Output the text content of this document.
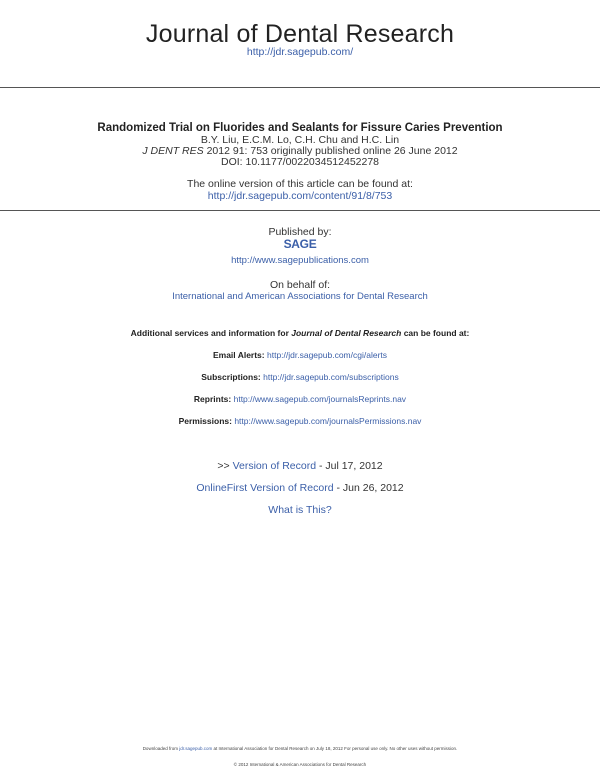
Journal of Dental Research
http://jdr.sagepub.com/
Randomized Trial on Fluorides and Sealants for Fissure Caries Prevention
B.Y. Liu, E.C.M. Lo, C.H. Chu and H.C. Lin
J DENT RES 2012 91: 753 originally published online 26 June 2012
DOI: 10.1177/0022034512452278
The online version of this article can be found at:
http://jdr.sagepub.com/content/91/8/753
Published by:
SAGE
http://www.sagepublications.com
On behalf of:
International and American Associations for Dental Research
Additional services and information for Journal of Dental Research can be found at:
Email Alerts: http://jdr.sagepub.com/cgi/alerts
Subscriptions: http://jdr.sagepub.com/subscriptions
Reprints: http://www.sagepub.com/journalsReprints.nav
Permissions: http://www.sagepub.com/journalsPermissions.nav
>> Version of Record - Jul 17, 2012
OnlineFirst Version of Record - Jun 26, 2012
What is This?
Downloaded from jdr.sagepub.com at International Association for Dental Research on July 18, 2012 For personal use only. No other uses without permission.
© 2012 International & American Associations for Dental Research
